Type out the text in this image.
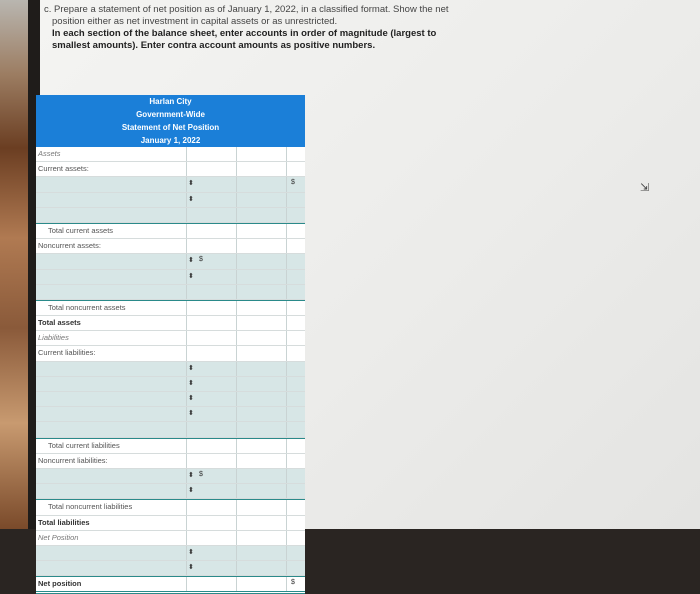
c. Prepare a statement of net position as of January 1, 2022, in a classified format. Show the net
position either as net investment in capital assets or as unrestricted.
In each section of the balance sheet, enter accounts in order of magnitude (largest to
smallest amounts). Enter contra account amounts as positive numbers.
⇲
Harlan City
Government-Wide
Statement of Net Position
January 1, 2022
Assets
Current assets:
⬍	$
⬍
Total current assets
Noncurrent assets:
⬍ $
⬍
Total noncurrent assets
Total assets
Liabilities
Current liabilities:
⬍
⬍
⬍
⬍
Total current liabilities
Noncurrent liabilities:
⬍ $
⬍
Total noncurrent liabilities
Total liabilities
Net Position
⬍
⬍
Net position	$
